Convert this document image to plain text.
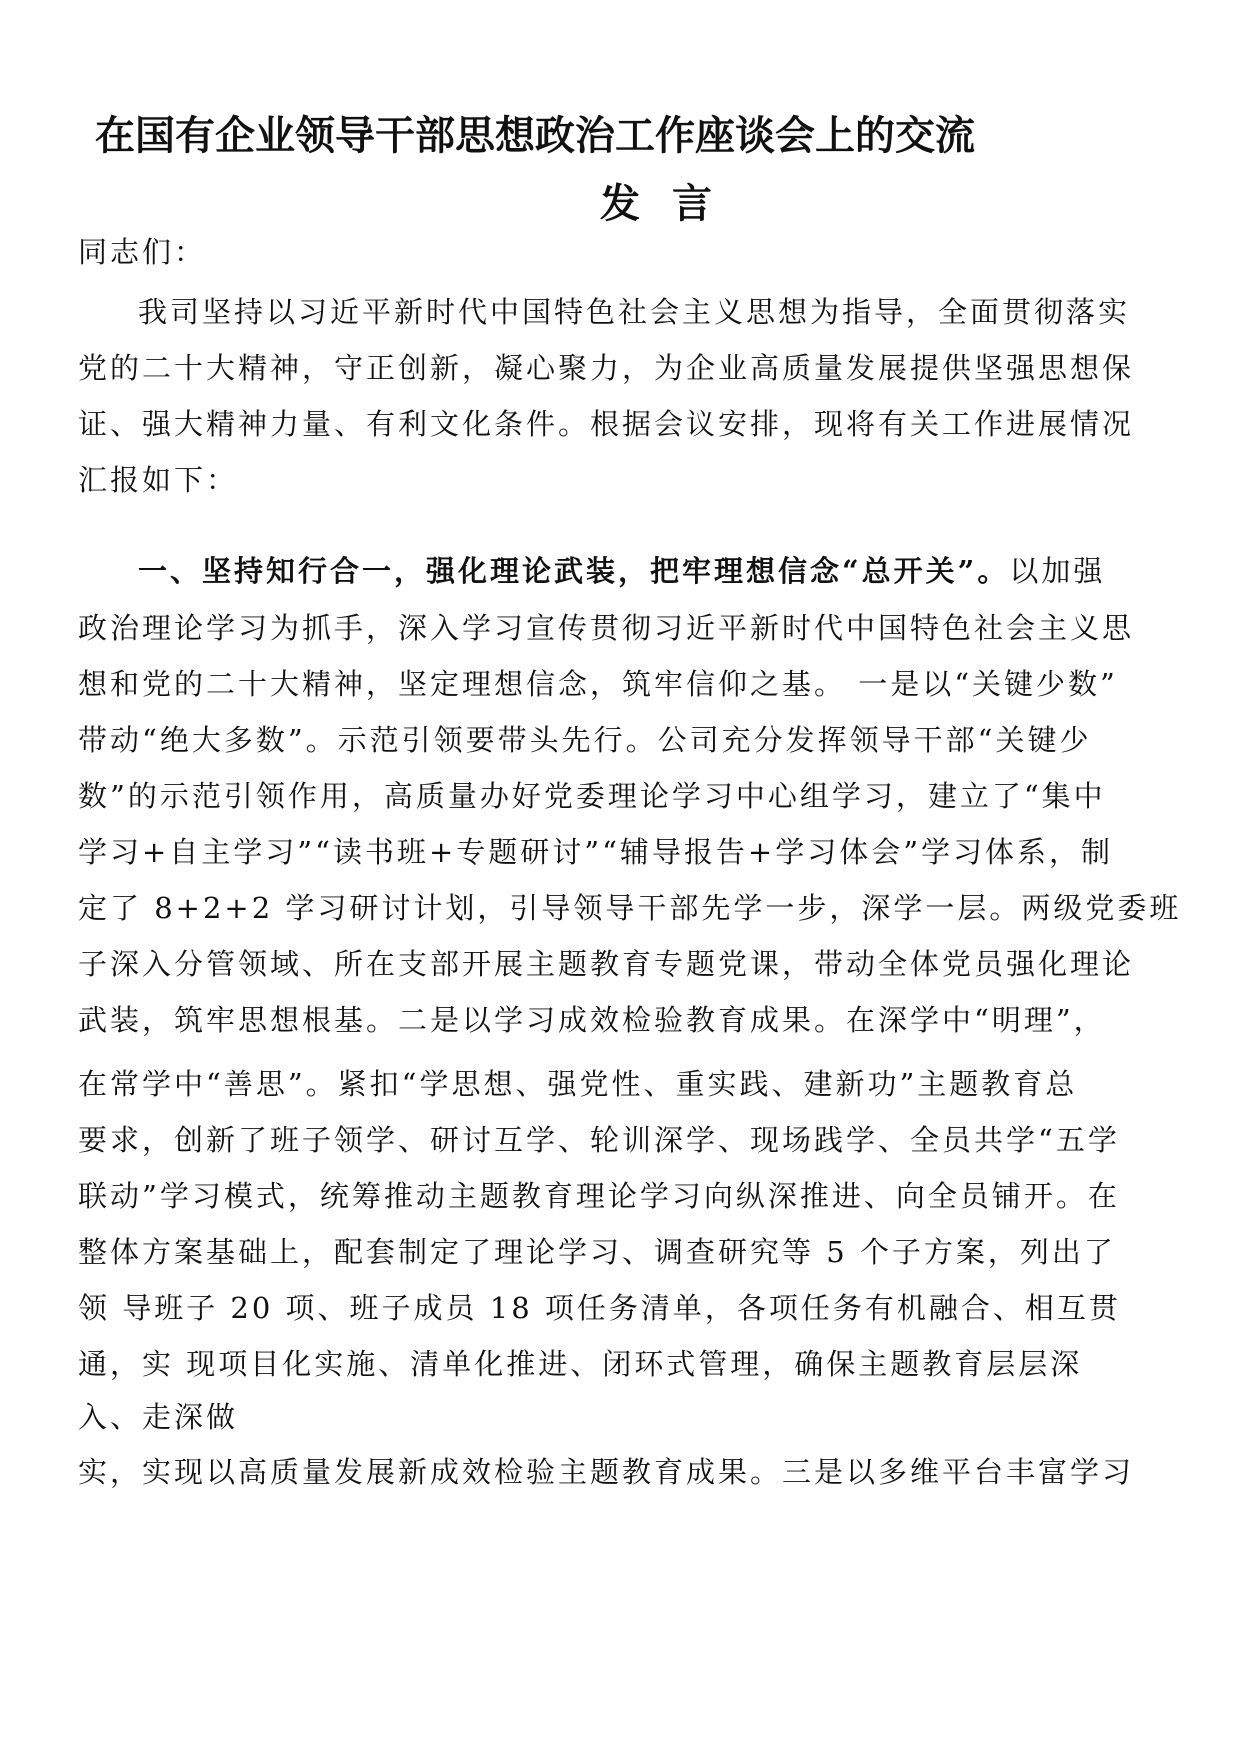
在国有企业领导干部思想政治工作座谈会上的交流
发言
同志们：
我司坚持以习近平新时代中国特色社会主义思想为指导，全面贯彻落实
党的二十大精神，守正创新，凝心聚力，为企业高质量发展提供坚强思想保
证、强大精神力量、有利文化条件。根据会议安排，现将有关工作进展情况
汇报如下：
一、坚持知行合一，强化理论武装，把牢理想信念“总开关”。以加强
政治理论学习为抓手，深入学习宣传贯彻习近平新时代中国特色社会主义思
想和党的二十大精神，坚定理想信念，筑牢信仰之基。 一是以“关键少数”
带动“绝大多数”。示范引领要带头先行。公司充分发挥领导干部“关键少
数”的示范引领作用，高质量办好党委理论学习中心组学习，建立了“集中
学习+自主学习”“读书班+专题研讨”“辅导报告+学习体会”学习体系，制
定了 8+2+2 学习研讨计划，引导领导干部先学一步，深学一层。两级党委班
子深入分管领域、所在支部开展主题教育专题党课，带动全体党员强化理论
武装，筑牢思想根基。二是以学习成效检验教育成果。在深学中“明理”，
在常学中“善思”。紧扣“学思想、强党性、重实践、建新功”主题教育总
要求，创新了班子领学、研讨互学、轮训深学、现场践学、全员共学“五学
联动”学习模式，统筹推动主题教育理论学习向纵深推进、向全员铺开。在
整体方案基础上，配套制定了理论学习、调查研究等 5 个子方案，列出了
领 导班子 20 项、班子成员 18 项任务清单，各项任务有机融合、相互贯
通，实 现项目化实施、清单化推进、闭环式管理，确保主题教育层层深
入、走深做
实，实现以高质量发展新成效检验主题教育成果。三是以多维平台丰富学习
